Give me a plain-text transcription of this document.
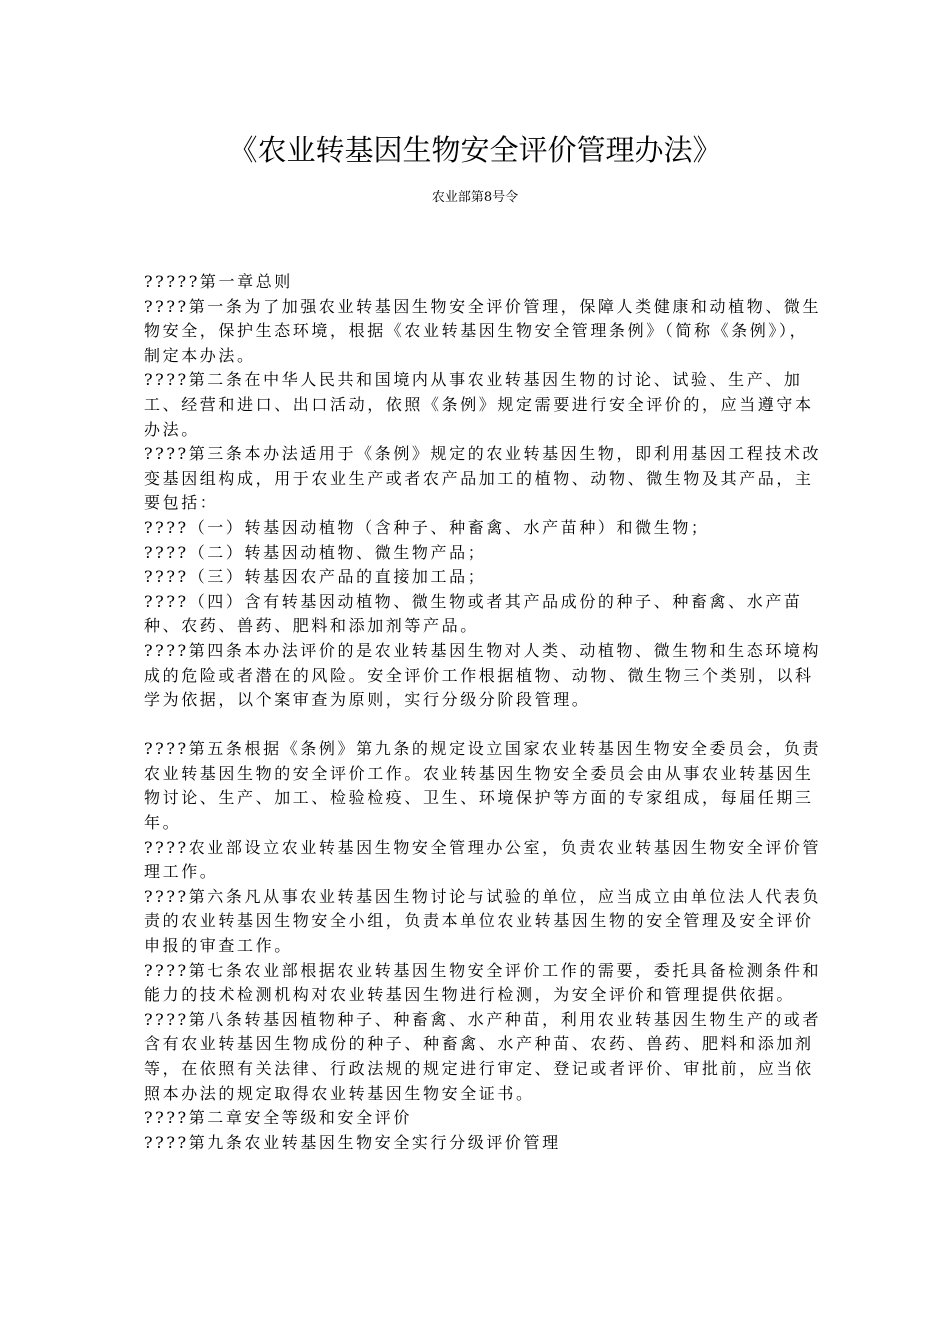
《农业转基因生物安全评价管理办法》
农业部第8号令

?????第一章总则

????第一条为了加强农业转基因生物安全评价管理，保障人类健康和动植物、微生物安全，保护生态环境，根据《农业转基因生物安全管理条例》（简称《条例》），制定本办法。

????第二条在中华人民共和国境内从事农业转基因生物的讨论、试验、生产、加工、经营和进口、出口活动，依照《条例》规定需要进行安全评价的，应当遵守本办法。

????第三条本办法适用于《条例》规定的农业转基因生物，即利用基因工程技术改变基因组构成，用于农业生产或者农产品加工的植物、动物、微生物及其产品，主要包括：

????（一）转基因动植物（含种子、种畜禽、水产苗种）和微生物；

????（二）转基因动植物、微生物产品；

????（三）转基因农产品的直接加工品；

????（四）含有转基因动植物、微生物或者其产品成份的种子、种畜禽、水产苗种、农药、兽药、肥料和添加剂等产品。

????第四条本办法评价的是农业转基因生物对人类、动植物、微生物和生态环境构成的危险或者潜在的风险。安全评价工作根据植物、动物、微生物三个类别，以科学为依据，以个案审查为原则，实行分级分阶段管理。

????第五条根据《条例》第九条的规定设立国家农业转基因生物安全委员会，负责农业转基因生物的安全评价工作。农业转基因生物安全委员会由从事农业转基因生物讨论、生产、加工、检验检疫、卫生、环境保护等方面的专家组成，每届任期三年。

????农业部设立农业转基因生物安全管理办公室，负责农业转基因生物安全评价管理工作。

????第六条凡从事农业转基因生物讨论与试验的单位，应当成立由单位法人代表负责的农业转基因生物安全小组，负责本单位农业转基因生物的安全管理及安全评价申报的审查工作。

????第七条农业部根据农业转基因生物安全评价工作的需要，委托具备检测条件和能力的技术检测机构对农业转基因生物进行检测，为安全评价和管理提供依据。

????第八条转基因植物种子、种畜禽、水产种苗，利用农业转基因生物生产的或者含有农业转基因生物成份的种子、种畜禽、水产种苗、农药、兽药、肥料和添加剂等，在依照有关法律、行政法规的规定进行审定、登记或者评价、审批前，应当依照本办法的规定取得农业转基因生物安全证书。

????第二章安全等级和安全评价

????第九条农业转基因生物安全实行分级评价管理
